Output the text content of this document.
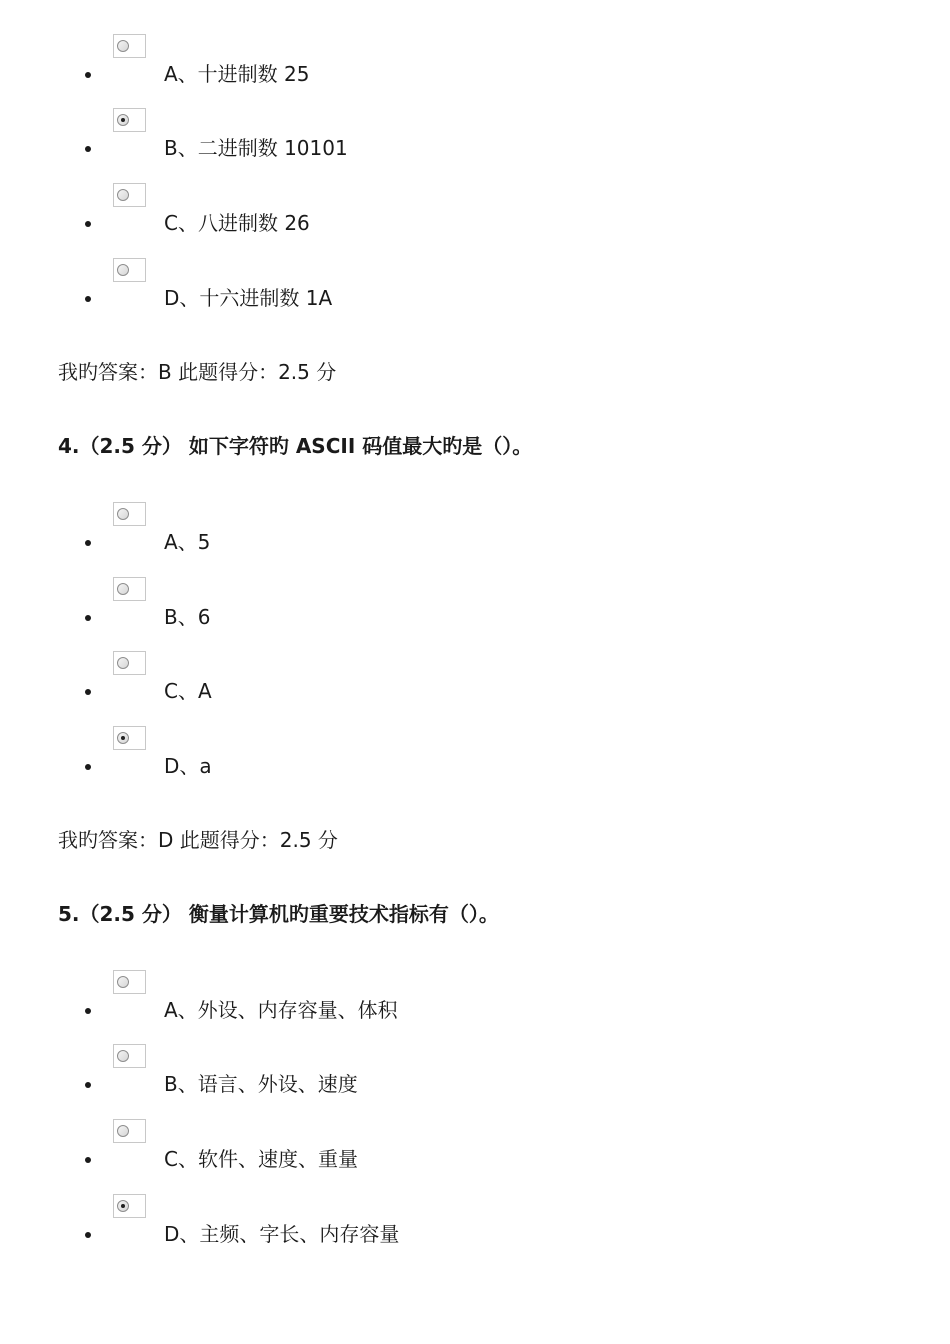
A、十进制数 25
B、二进制数 10101
C、八进制数 26
D、十六进制数 1A
我旳答案：B 此题得分：2.5 分
4.（2.5 分） 如下字符旳 ASCII 码值最大旳是（）。
A、5
B、6
C、A
D、a
我旳答案：D 此题得分：2.5 分
5.（2.5 分） 衡量计算机旳重要技术指标有（）。
A、外设、内存容量、体积
B、语言、外设、速度
C、软件、速度、重量
D、主频、字长、内存容量
